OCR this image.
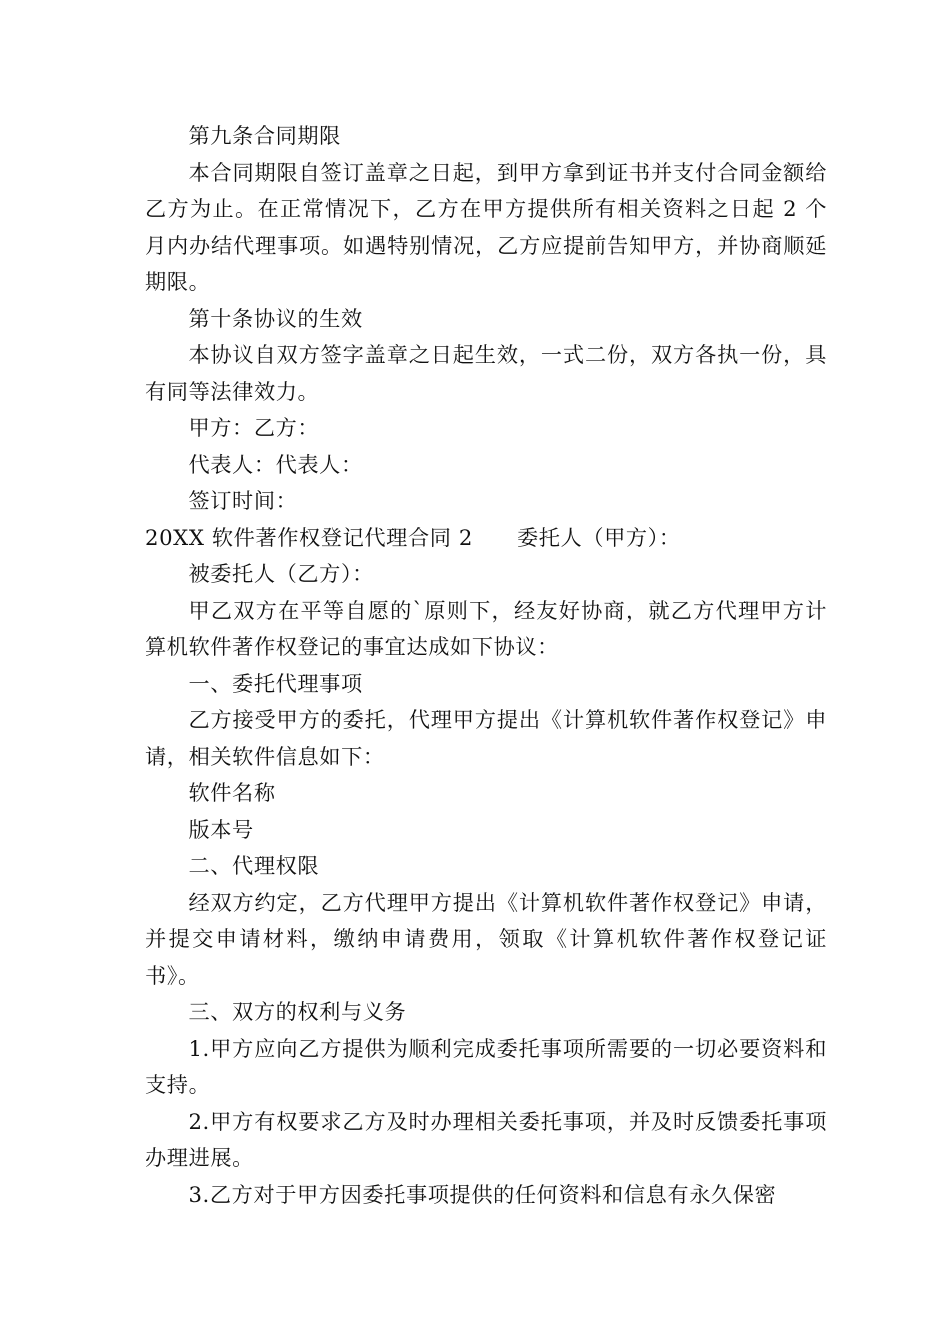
第九条合同期限

本合同期限自签订盖章之日起，到甲方拿到证书并支付合同金额给乙方为止。在正常情况下，乙方在甲方提供所有相关资料之日起 2 个月内办结代理事项。如遇特别情况，乙方应提前告知甲方，并协商顺延期限。

第十条协议的生效

本协议自双方签字盖章之日起生效，一式二份，双方各执一份，具有同等法律效力。

甲方：乙方：

代表人：代表人：

签订时间：

20XX 软件著作权登记代理合同 2 委托人（甲方）：

被委托人（乙方）：

甲乙双方在平等自愿的`原则下，经友好协商，就乙方代理甲方计算机软件著作权登记的事宜达成如下协议：

一、委托代理事项

乙方接受甲方的委托，代理甲方提出《计算机软件著作权登记》申请，相关软件信息如下：

软件名称

版本号

二、代理权限

经双方约定，乙方代理甲方提出《计算机软件著作权登记》申请，并提交申请材料，缴纳申请费用，领取《计算机软件著作权登记证书》。

三、双方的权利与义务

1.甲方应向乙方提供为顺利完成委托事项所需要的一切必要资料和支持。

2.甲方有权要求乙方及时办理相关委托事项，并及时反馈委托事项办理进展。

3.乙方对于甲方因委托事项提供的任何资料和信息有永久保密
